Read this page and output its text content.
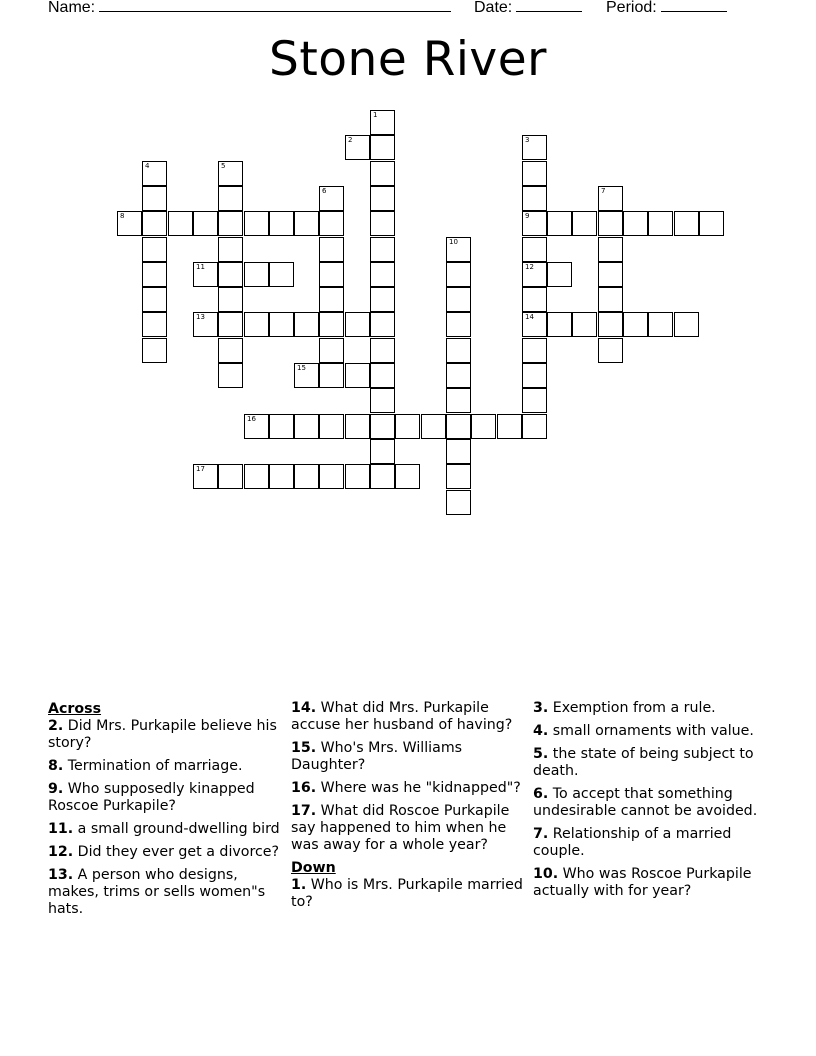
Name:	Date:	Period:
Stone River
1
2	3
9
12
14
4	5
6	7
8
10
11
13
15
16
17
Across
2. Did Mrs. Purkapile believe his story?
8. Termination of marriage.
9. Who supposedly kinapped Roscoe Purkapile?
11. a small ground-dwelling bird
12. Did they ever get a divorce?
13. A person who designs, makes, trims or sells women"s hats.
14. What did Mrs. Purkapile accuse her husband of having?
15. Who's Mrs. Williams Daughter?
16. Where was he "kidnapped"?
17. What did Roscoe Purkapile say happened to him when he was away for a whole year?
Down
1. Who is Mrs. Purkapile married to?
3. Exemption from a rule.
4. small ornaments with value.
5. the state of being subject to death.
6. To accept that something undesirable cannot be avoided.
7. Relationship of a married couple.
10. Who was Roscoe Purkapile actually with for year?
